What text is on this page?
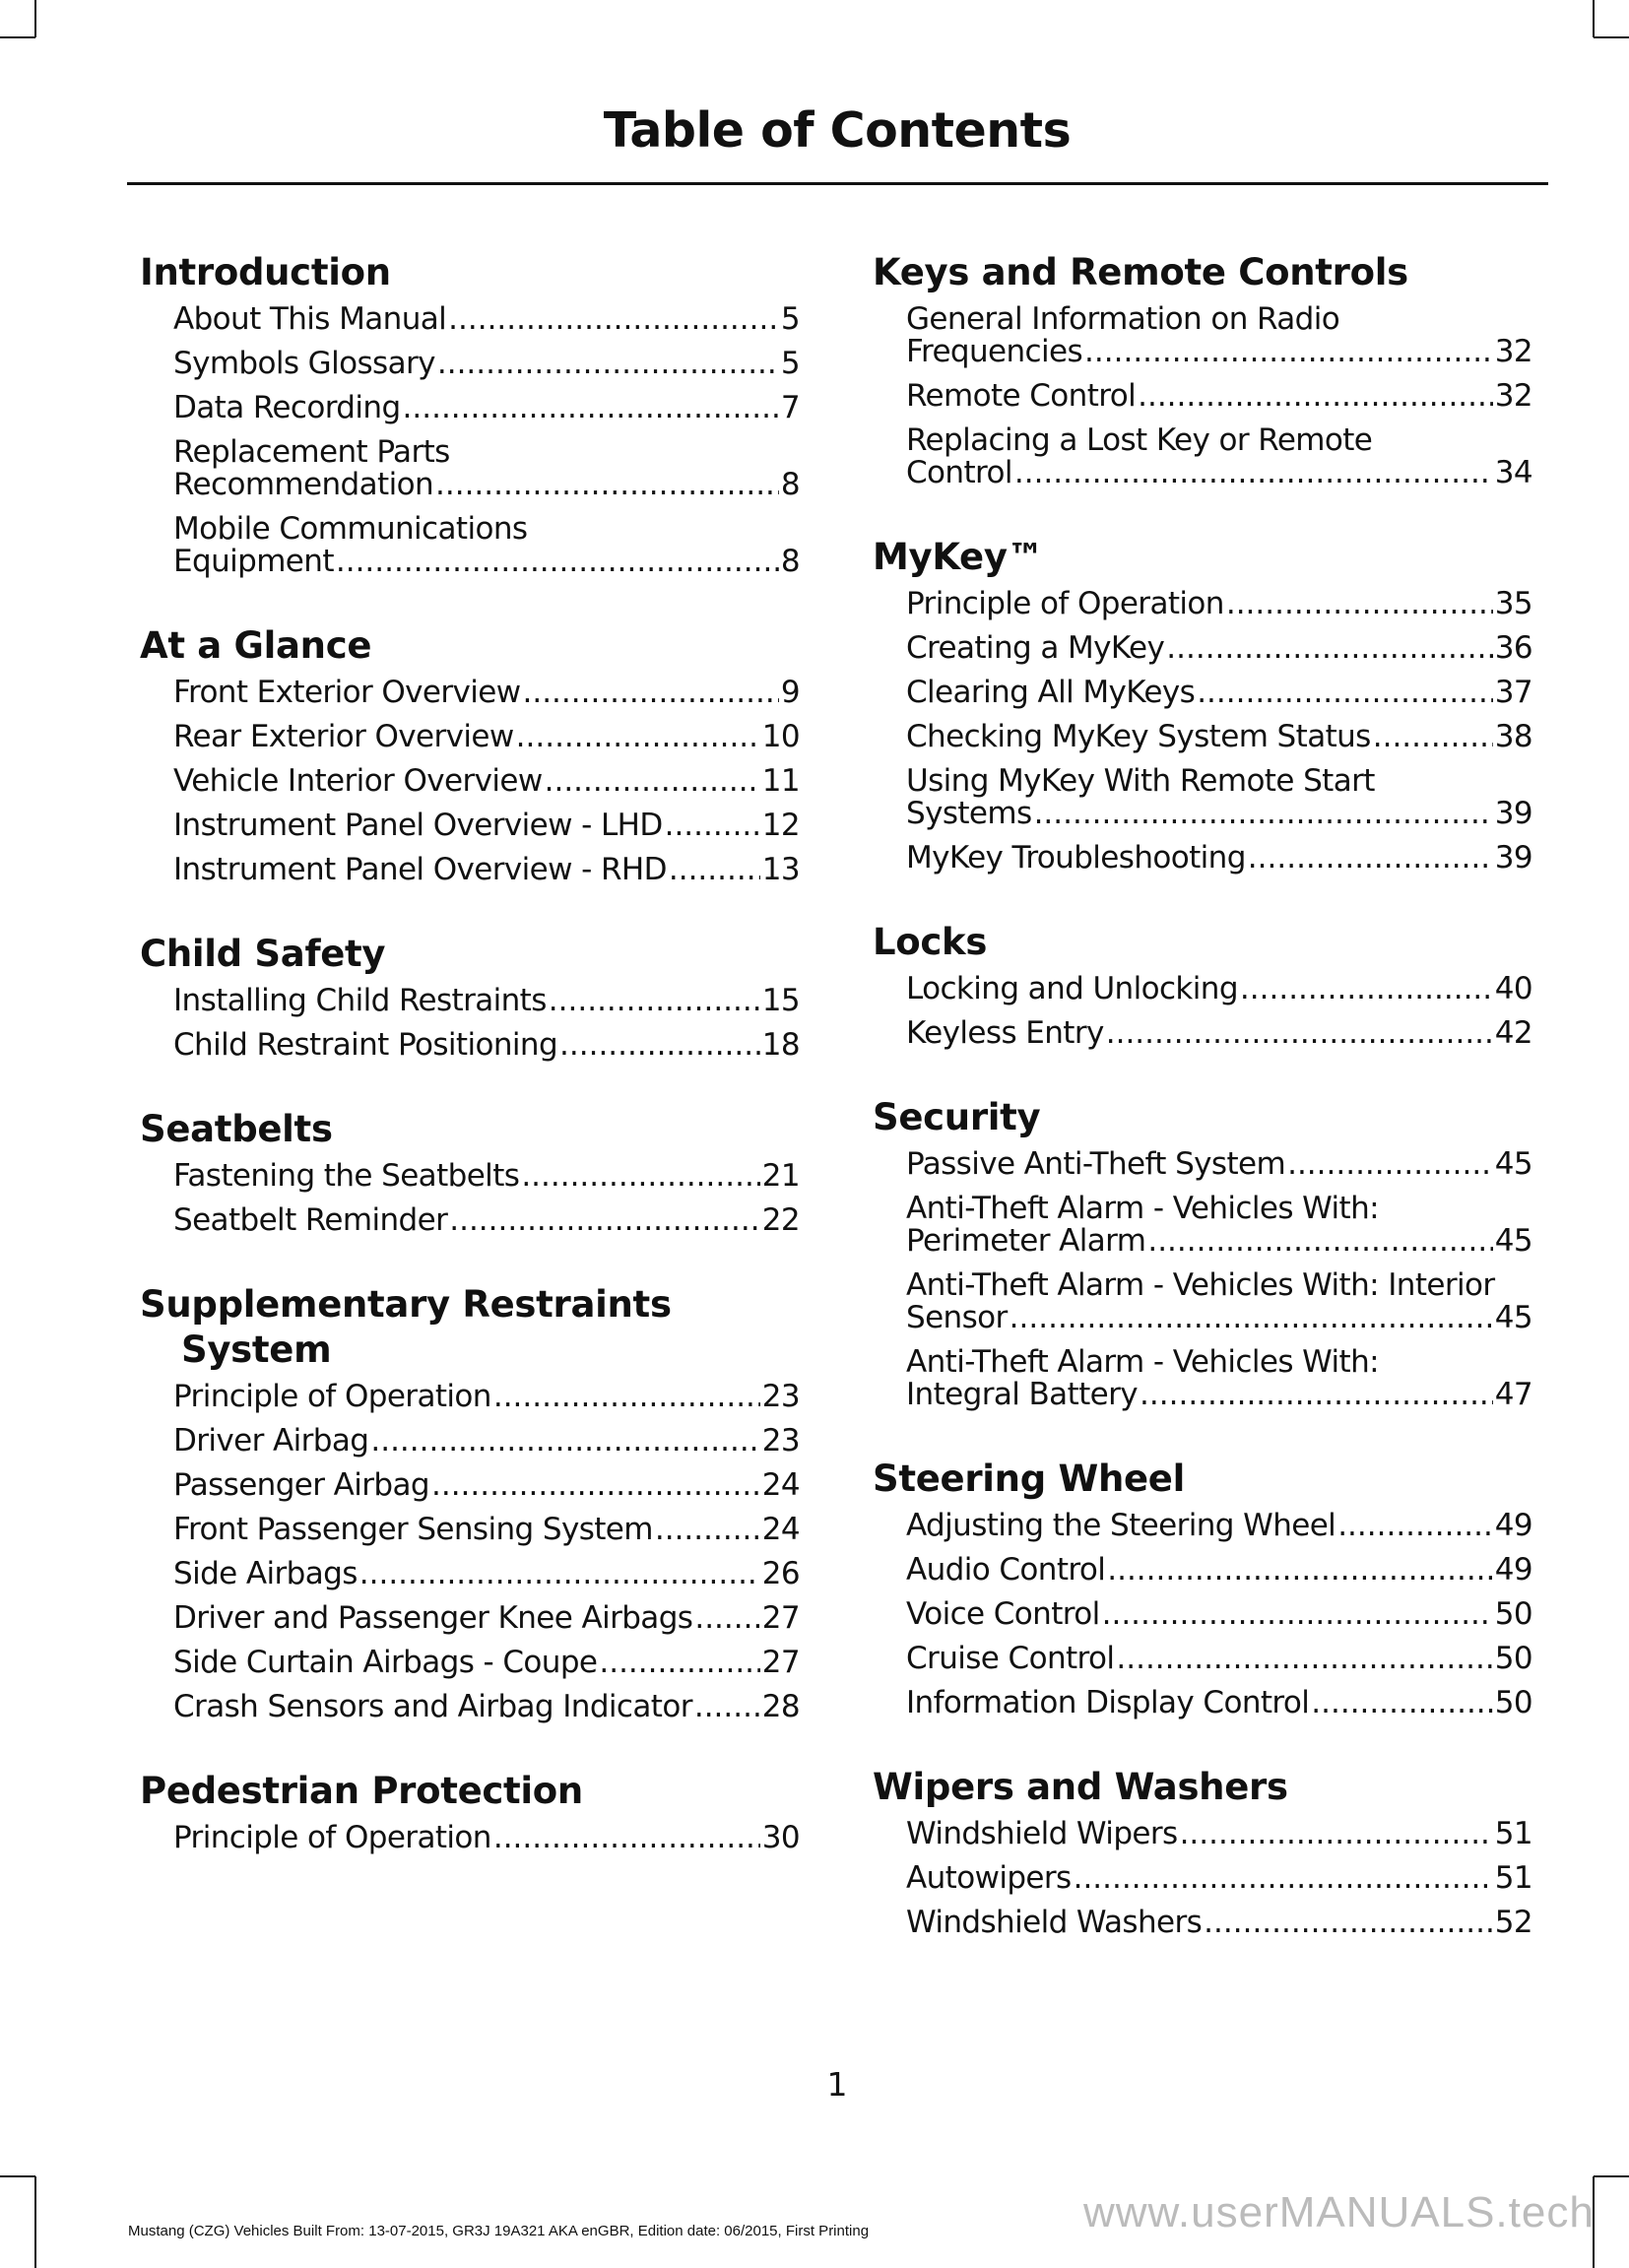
Table of Contents
Introduction
About This Manual .....	5
Symbols Glossary .....	5
Data Recording .....	7
Replacement Parts
Recommendation .....	8
Mobile Communications
Equipment .....	8
At a Glance
Front Exterior Overview .....	9
Rear Exterior Overview .....	10
Vehicle Interior Overview .....	11
Instrument Panel Overview - LHD .....	12
Instrument Panel Overview - RHD .....	13
Child Safety
Installing Child Restraints .....	15
Child Restraint Positioning .....	18
Seatbelts
Fastening the Seatbelts .....	21
Seatbelt Reminder .....	22
Supplementary Restraints System
Principle of Operation .....	23
Driver Airbag .....	23
Passenger Airbag .....	24
Front Passenger Sensing System .....	24
Side Airbags .....	26
Driver and Passenger Knee Airbags ..... 27
Side Curtain Airbags - Coupe .....	27
Crash Sensors and Airbag Indicator ..... 28
Pedestrian Protection
Principle of Operation .....	30
Keys and Remote Controls
General Information on Radio
Frequencies .....	32
Remote Control .....	32
Replacing a Lost Key or Remote
Control .....	34
MyKey™
Principle of Operation .....	35
Creating a MyKey .....	36
Clearing All MyKeys .....	37
Checking MyKey System Status .....	38
Using MyKey With Remote Start
Systems .....	39
MyKey Troubleshooting .....	39
Locks
Locking and Unlocking .....	40
Keyless Entry .....	42
Security
Passive Anti-Theft System .....	45
Anti-Theft Alarm - Vehicles With:
Perimeter Alarm .....	45
Anti-Theft Alarm - Vehicles With: Interior
Sensor .....	45
Anti-Theft Alarm - Vehicles With:
Integral Battery .....	47
Steering Wheel
Adjusting the Steering Wheel .....	49
Audio Control .....	49
Voice Control .....	50
Cruise Control .....	50
Information Display Control .....	50
Wipers and Washers
Windshield Wipers .....	51
Autowipers .....	51
Windshield Washers .....	52
1
Mustang (CZG) Vehicles Built From: 13-07-2015, GR3J 19A321 AKA enGBR, Edition date: 06/2015, First Printing	www.userMANUALS.tech
